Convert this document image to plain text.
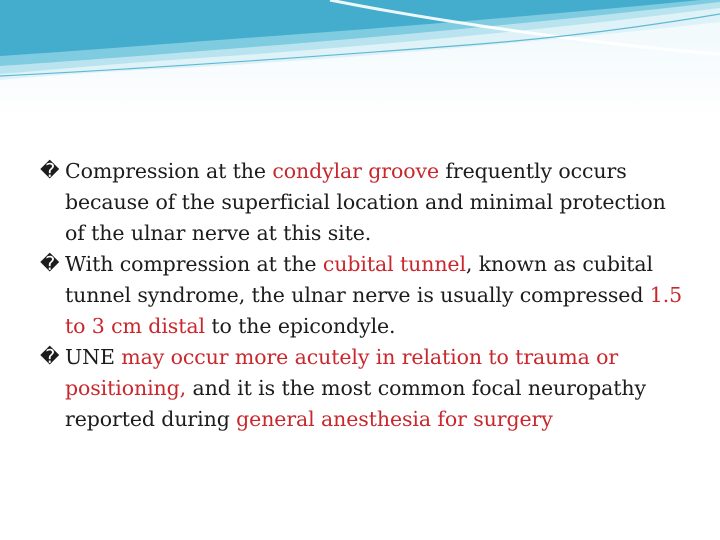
� Compression at the condylar groove frequently occurs because of the superficial location and minimal protection of the ulnar nerve at this site.
� With compression at the cubital tunnel, known as cubital tunnel syndrome, the ulnar nerve is usually compressed 1.5 to 3 cm distal to the epicondyle.
� UNE may occur more acutely in relation to trauma or positioning, and it is the most common focal neuropathy reported during general anesthesia for surgery
